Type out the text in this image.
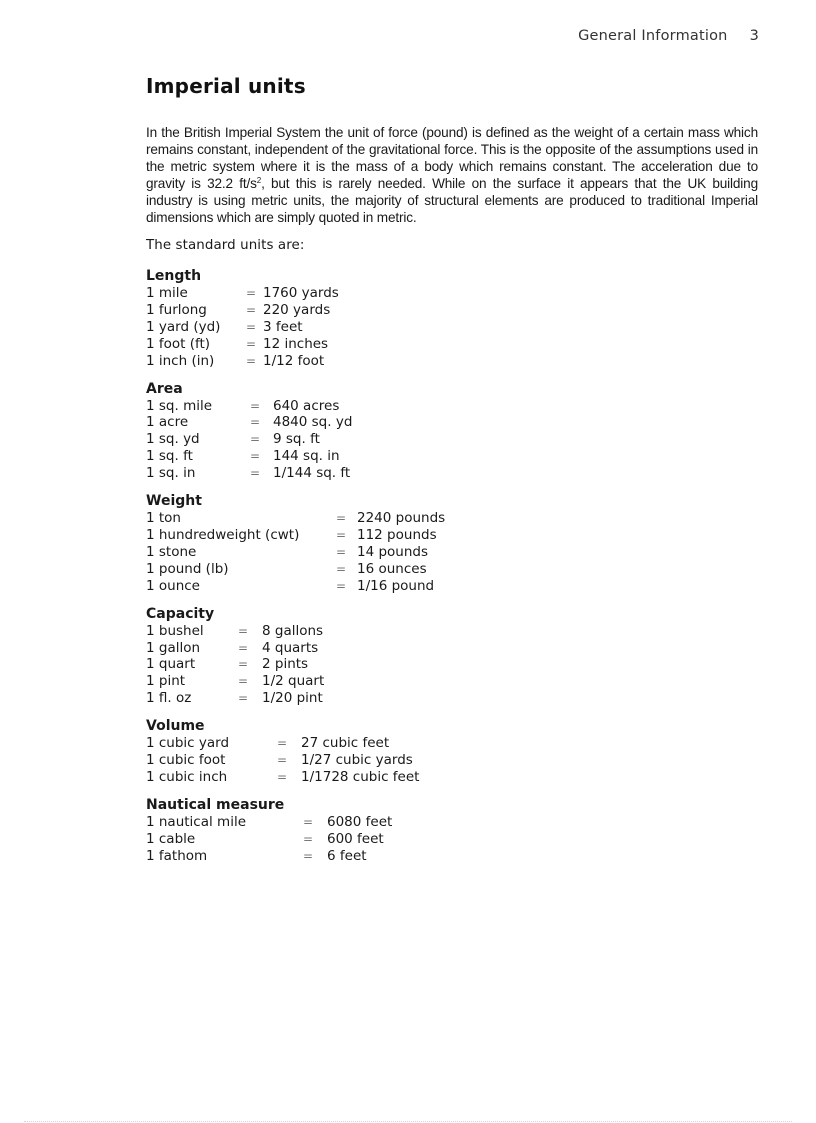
General Information 3
Imperial units

In the British Imperial System the unit of force (pound) is defined as the weight of a certain mass which remains constant, independent of the gravitational force. This is the opposite of the assumptions used in the metric system where it is the mass of a body which remains constant. The acceleration due to gravity is 32.2 $ft/s^2$, but this is rarely needed. While on the surface it appears that the UK building industry is using metric units, the majority of structural elements are produced to traditional Imperial dimensions which are simply quoted in metric.

The standard units are:

Length
1 mile	= 1760 yards
1 furlong	= 220 yards
1 yard (yd)	= 3 feet
1 foot (ft)	= 12 inches
1 inch (in)	= 1/12 foot
Area
1 sq. mile	= 640 acres
1 acre	= 4840 sq. yd
1 sq. yd	= 9 sq. ft
1 sq. ft	= 144 sq. in
1 sq. in	= 1/144 sq. ft
Weight
1 ton	= 2240 pounds
1 hundredweight (cwt)	= 112 pounds
1 stone	= 14 pounds
1 pound (lb)	= 16 ounces
1 ounce	= 1/16 pound
Capacity
1 bushel	=	8 gallons
1 gallon	=	4 quarts
1 quart	=	2 pints
1 pint	=	1/2 quart
1 fl. oz	=	1/20 pint
Volume
1 cubic yard	=	27 cubic feet
1 cubic foot	=	1/27 cubic yards
1 cubic inch	=	1/1728 cubic feet
Nautical measure
1 nautical mile	=	6080 feet
1 cable	=	600 feet
1 fathom	=	6 feet
